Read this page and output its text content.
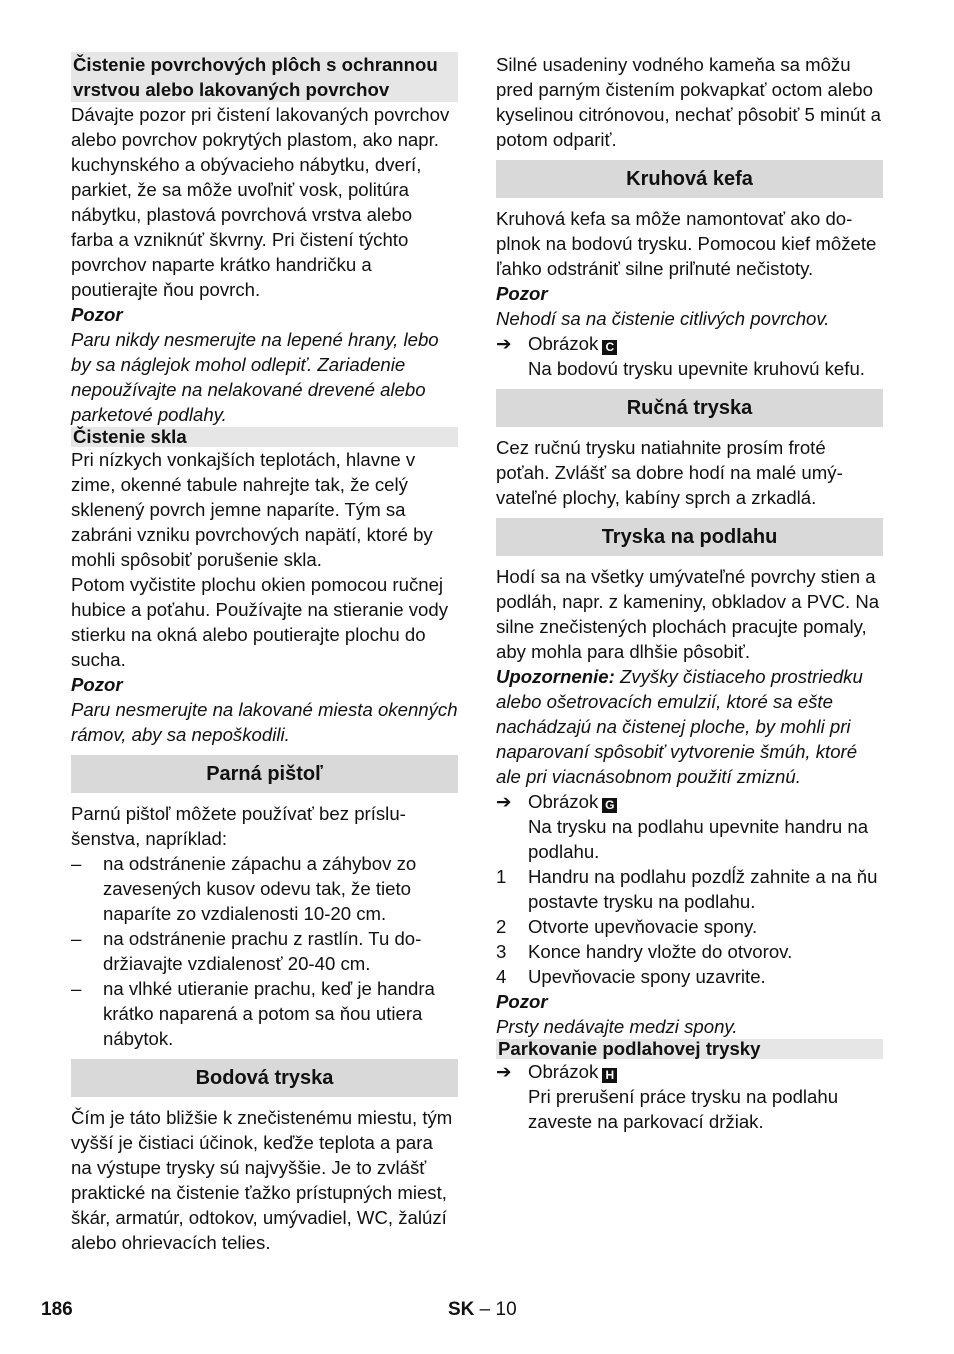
Čistenie povrchových plôch s ochrannou vrstvou alebo lakovaných povrchov

Dávajte pozor pri čistení lakovaných povrchov alebo povrchov pokrytých plastom, ako napr. kuchynského a obývacieho nábytku, dverí, parkiet, že sa môže uvoľniť vosk, politúra nábytku, plastová povrchová vrstva alebo farba a vzniknúť škvrny. Pri čistení týchto povrchov naparte krátko handričku a poutierajte ňou povrch.

Pozor

Paru nikdy nesmerujte na lepené hrany, lebo by sa náglejok mohol odlepiť. Zariadenie nepoužívajte na nelakované drevené alebo parketové podlahy.

Čistenie skla

Pri nízkych vonkajších teplotách, hlavne v zime, okenné tabule nahrejte tak, že celý sklenený povrch jemne naparíte. Tým sa zabráni vzniku povrchových napätí, ktoré by mohli spôsobiť porušenie skla.

Potom vyčistite plochu okien pomocou ručnej hubice a poťahu. Používajte na stieranie vody stierku na okná alebo poutierajte plochu do sucha.

Pozor

Paru nesmerujte na lakované miesta okenných rámov, aby sa nepoškodili.

Parná pištoľ

Parnú pištoľ môžete používať bez príslušenstva, napríklad:

–	na odstránenie zápachu a záhybov zo zavesených kusov odevu tak, že tieto naparíte zo vzdialenosti 10-20 cm.
–	na odstránenie prachu z rastlín. Tu dodržiavajte vzdialenosť 20-40 cm.
–	na vlhké utieranie prachu, keď je handra krátko naparená a potom sa ňou utiera nábytok.
Bodová tryska

Čím je táto bližšie k znečistenému miestu, tým vyšší je čistiaci účinok, keďže teplota a para na výstupe trysky sú najvyššie. Je to zvlášť praktické na čistenie ťažko prístupných miest, škár, armatúr, odtokov, umývadiel, WC, žalúzí alebo ohrievacích telies.

Silné usadeniny vodného kameňa sa môžu pred parným čistením pokvapkať octom alebo kyselinou citrónovou, nechať pôsobiť 5 minút a potom odpariť.

Kruhová kefa

Kruhová kefa sa môže namontovať ako doplnok na bodovú trysku. Pomocou kief môžete ľahko odstrániť silne priľnuté nečistoty.

Pozor

Nehodí sa na čistenie citlivých povrchov.

➔ Obrázok C
Na bodovú trysku upevnite kruhovú kefu.
Ručná tryska

Cez ručnú trysku natiahnite prosím froté poťah. Zvlášť sa dobre hodí na malé umývateľné plochy, kabíny sprch a zrkadlá.

Tryska na podlahu

Hodí sa na všetky umývateľné povrchy stien a podláh, napr. z kameniny, obkladov a PVC. Na silne znečistených plochách pracujte pomaly, aby mohla para dlhšie pôsobiť.

Upozornenie: Zvyšky čistiaceho prostriedku alebo ošetrovacích emulzií, ktoré sa ešte nachádzajú na čistenej ploche, by mohli pri naparovaní spôsobiť vytvorenie šmúh, ktoré ale pri viacnásobnom použití zmiznú.

➔ Obrázok G
Na trysku na podlahu upevnite handru na podlahu.
1	Handru na podlahu pozdĺž zahnite a na ňu postavte trysku na podlahu.
2	Otvorte upevňovacie spony.
3	Konce handry vložte do otvorov.
4	Upevňovacie spony uzavrite.

Pozor

Prsty nedávajte medzi spony.

Parkovanie podlahovej trysky
➔ Obrázok H
Pri prerušení práce trysku na podlahu zaveste na parkovací držiak.
186	SK – 10
